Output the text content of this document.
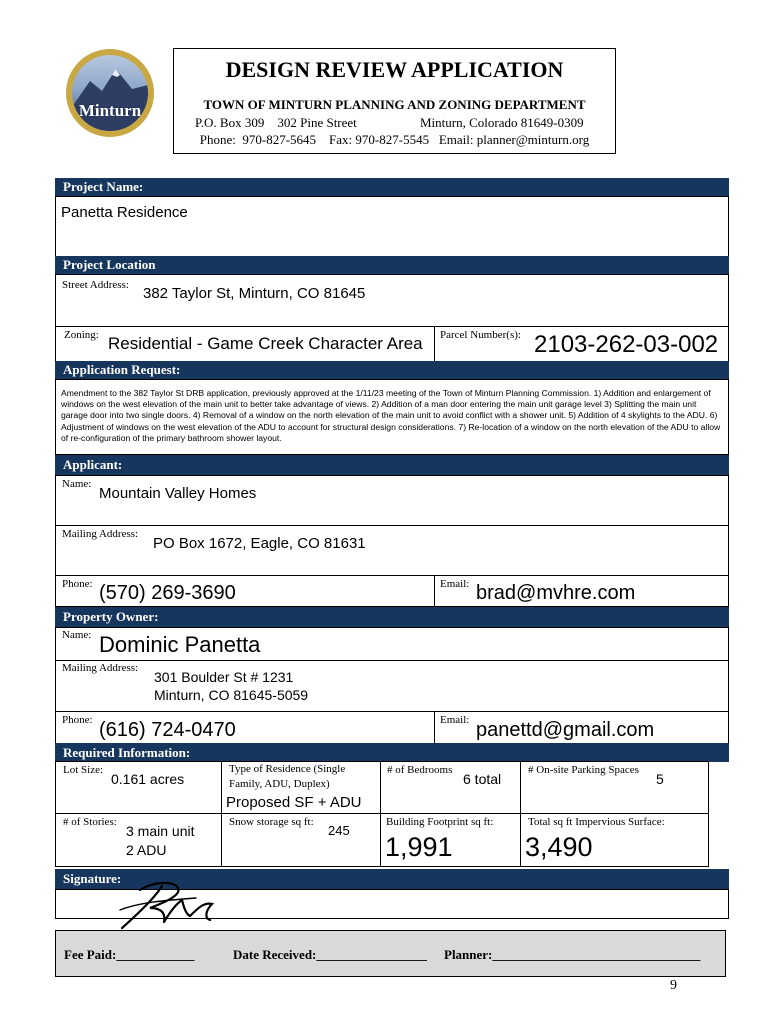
Minturn
DESIGN REVIEW APPLICATION
TOWN OF MINTURN PLANNING AND ZONING DEPARTMENT
P.O. Box 309    302 Pine Street	Minturn, Colorado 81649-0309
Phone:  970-827-5645    Fax: 970-827-5545   Email: planner@minturn.org
Project Name:
Panetta Residence
Project Location
Street Address: 382 Taylor St, Minturn, CO 81645
Zoning: Residential - Game Creek Character Area Parcel Number(s): 2103-262-03-002
Application Request:
Amendment to the 382 Taylor St DRB application, previously approved at the 1/11/23 meeting of the Town of Minturn Planning Commission. 1) Addition and enlargement of windows on the west elevation of the main unit to better take advantage of views. 2) Addition of a man door entering the main unit garage level 3) Splitting the main unit garage door into two single doors. 4) Removal of a window on the north elevation of the main unit to avoid conflict with a shower unit. 5) Addition of 4 skylights to the ADU. 6) Adjustment of windows on the west elevation of the ADU to account for structural design considerations. 7) Re-location of a window on the north elevation of the ADU to allow of re-configuration of the primary bathroom shower layout.
Applicant:
Name:
Mountain Valley Homes
Mailing Address:
PO Box 1672, Eagle, CO 81631
Phone: (570) 269-3690	Email: brad@mvhre.com
Property Owner:
Name: Dominic Panetta
Mailing Address:
301 Boulder St # 1231
Minturn, CO 81645-5059
Phone: (616) 724-0470	Email: panettd@gmail.com
Required Information:
Lot Size:
0.161 acres
Type of Residence (Single
Family, ADU, Duplex)
Proposed SF + ADU
# of Bedrooms
6 total
# On-site Parking Spaces
5
# of Stories:
3 main unit
2 ADU
Snow storage sq ft:
245
Building Footprint sq ft:
1,991
Total sq ft Impervious Surface:
3,490
Signature:
Fee Paid:____________	Date Received:_________________ Planner:________________________________
9
